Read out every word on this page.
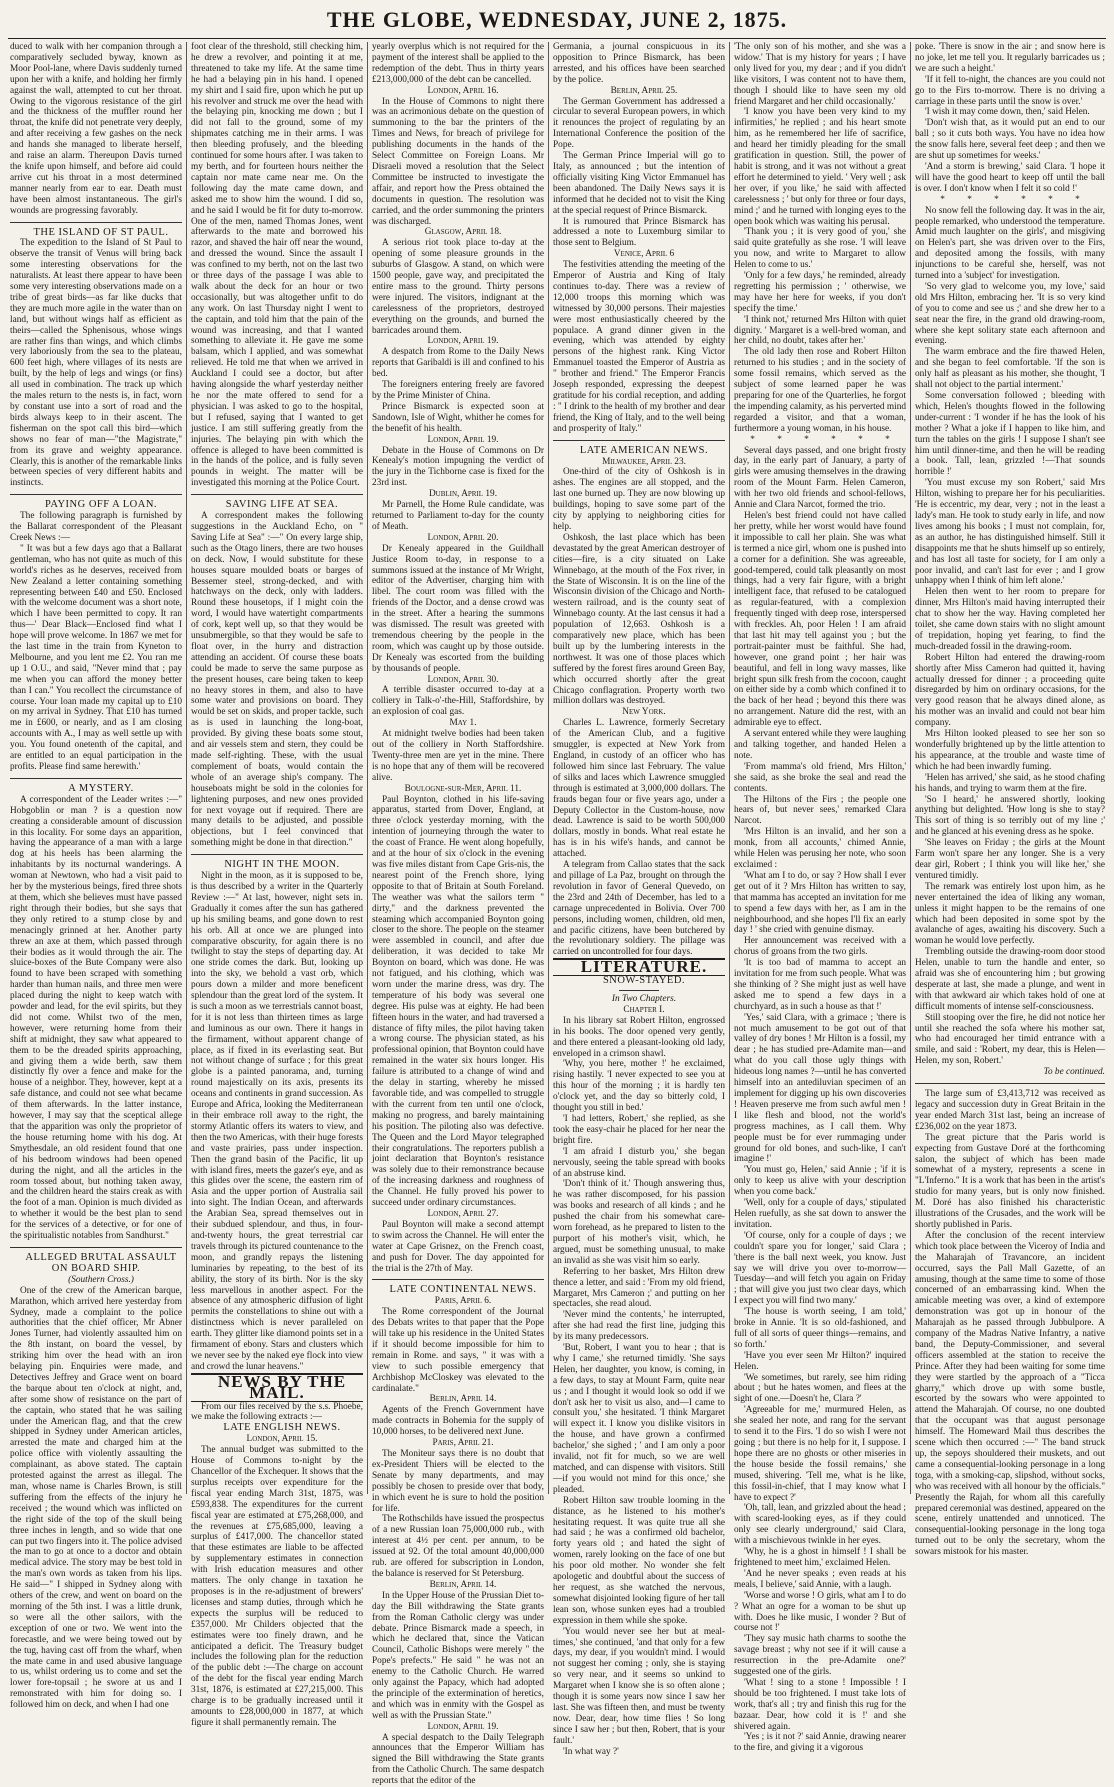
THE GLOBE, WEDNESDAY, JUNE 2, 1875.

duced to walk with her companion through a comparatively secluded byway, known as Moor Pool-lane, where Davis suddenly turned upon her with a knife, and holding her firmly against the wall, attempted to cut her throat. Owing to the vigorous resistance of the girl and the thickness of the muffler round her throat, the knife did not penetrate very deeply, and after receiving a few gashes on the neck and hands she managed to liberate herself, and raise an alarm. Thereupon Davis turned the knife upon himself, and before aid could arrive cut his throat in a most determined manner nearly from ear to ear. Death must have been almost instantaneous. The girl's wounds are progressing favorably.

THE ISLAND OF ST PAUL.

The expedition to the Island of St Paul to observe the transit of Venus will bring back some interesting observations for the naturalists. At least there appear to have been some very interesting observations made on a tribe of great birds—as far like ducks that they are much more agile in the water than on land, but without wings half as efficient as theirs—called the Sphenisous, whose wings are rather fins than wings, and which climbs very laboriously from the sea to the plateau, 600 feet high, where villages of its nests are built, by the help of legs and wings (or fins) all used in combination. The track up which the males return to the nests is, in fact, worn by constant use into a sort of road and the birds always keep to in their ascent. The fisherman on the spot call this bird—which shows no fear of man—"the Magistrate," from its grave and weighty appearance. Clearly, this is another of the remarkable links between species of very different habits and instincts.

PAYING OFF A LOAN.

The following paragraph is furnished by the Ballarat correspondent of the Pleasant Creek News :—

" It was but a few days ago that a Ballarat gentleman, who has not quite as much of this world's riches as he deserves, received from New Zealand a letter containing something representing between £40 and £50. Enclosed with the welcome document was a short note, which I have been permitted to copy. It ran thus—' Dear Black—Enclosed find what I hope will prove welcome. In 1867 we met for the last time in the train from Kyneton to Melbourne, and you lent me £2. You ran me up 1 O.U., and said, "Never mind that ; pay me when you can afford the money better than I can." You recollect the circumstance of course. Your loan made my capital up to £10 on my arrival in Sydney. That £10 has turned me in £600, or nearly, and as I am closing accounts with A., I may as well settle up with you. You found onetenth of the capital, and are entitled to an equal participation in the profits. Please find same herewith.'

A MYSTERY.

A correspondent of the Leader writes :—" Hobgoblin or man ? is a question now creating a considerable amount of discussion in this locality. For some days an apparition, having the appearance of a man with a large dog at his heels has been alarming the inhabitants by its nocturnal wanderings. A woman at Newtown, who had a visit paid to her by the mysterious beings, fired three shots at them, which she believes must have passed right through their bodies, but she says that they only retired to a stump close by and menacingly grinned at her. Another party threw an axe at them, which passed through their bodies as it would through the air. The sluice-boxes of the Bute Company were also found to have been scraped with something harder than human nails, and three men were placed during the night to keep watch with powder and lead, for the evil spirits, but they did not come. Whilst two of the men, however, were returning home from their shift at midnight, they saw what appeared to them to be the dreaded spirits approaching, and giving them a wide berth, saw them distinctly fly over a fence and make for the house of a neighbor. They, however, kept at a safe distance, and could not see what became of them afterwards. In the latter instance, however, I may say that the sceptical allege that the apparition was only the proprietor of the house returning home with his dog. At Smythesdale, an old resident found that one of his bedroom windows had been opened during the night, and all the articles in the room tossed about, but nothing taken away, and the children heard the stairs creak as with the foot of a man. Opinion is much divided as to whether it would be the best plan to send for the services of a detective, or for one of the spiritualistic notables from Sandhurst."

ALLEGED BRUTAL ASSAULT ON BOARD SHIP.

(Southern Cross.)

One of the crew of the American barque, Marathon, which arrived here yesterday from Sydney, made a complaint to the police authorities that the chief officer, Mr Abner Jones Turner, had violently assaulted him on the 8th instant, on board the vessel, by striking him over the head with an iron belaying pin. Enquiries were made, and Detectives Jeffrey and Grace went on board the barque about ten o'clock at night, and, after some show of resistance on the part of the captain, who stated that he was sailing under the American flag, and that the crew shipped in Sydney under American articles, arrested the mate and charged him at the police office with violently assaulting the complainant, as above stated. The captain protested against the arrest as illegal. The man, whose name is Charles Brown, is still suffering from the effects of the injury he received ; the wound which was inflicted on the right side of the top of the skull being three inches in length, and so wide that one can put two fingers into it. The police advised the man to go at once to a doctor and obtain medical advice. The story may be best told in the man's own words as taken from his lips. He said—" I shipped in Sydney along with others of the crew, and went on board on the morning of the 5th inst. I was a little drunk, so were all the other sailors, with the exception of one or two. We went into the forecastle, and we were being towed out by the tug, having cast off from the wharf, when the mate came in and used abusive language to us, whilst ordering us to come and set the lower fore-topsail ; he swore at us and I remonstrated with him for doing so. I followed him on deck, and when I had one

foot clear of the threshold, still checking him, he drew a revolver, and pointing it at me, threatened to take my life. At the same time he had a belaying pin in his hand. I opened my shirt and I said fire, upon which he put up his revolver and struck me over the head with the belaying pin, knocking me down ; but I did not fall to the ground, some of my shipmates catching me in their arms. I was then bleeding profusely, and the bleeding continued for some hours after. I was taken to my berth, and for fourteen hours neither the captain nor mate came near me. On the following day the mate came down, and asked me to show him the wound. I did so, and he said I would be fit for duty to-morrow. One of the men, named Thomas Jones, went afterwards to the mate and borrowed his razor, and shaved the hair off near the wound, and dressed the wound. Since the assault I was confined to my berth, not on the last two or three days of the passage I was able to walk about the deck for an hour or two occasionally, but was altogether unfit to do any work. On last Thursday night I went to the captain, and told him that the pain of the wound was increasing, and that I wanted something to alleviate it. He gave me some balsam, which I applied, and was somewhat relieved. He told me that when we arrived in Auckland I could see a doctor, but after having alongside the wharf yesterday neither he nor the mate offered to send for a physician. I was asked to go to the hospital, but I refused, saying that I wanted to get justice. I am still suffering greatly from the injuries. The belaying pin with which the offence is alleged to have been committed is in the hands of the police, and is fully seven pounds in weight. The matter will be investigated this morning at the Police Court.

SAVING LIFE AT SEA.

A correspondent makes the following suggestions in the Auckland Echo, on " Saving Life at Sea" :—" On every large ship, such as the Otago liners, there are two houses on deck. Now, I would substitute for these houses square moulded boats or barges of Bessemer steel, strong-decked, and with hatchways on the deck, only with ladders. Round these housetops, if I might coin the word, I would have watertight compartments of cork, kept well up, so that they would be unsubmergible, so that they would be safe to float over, in the hurry and distraction attending an accident. Of course these boats could be made to serve the same purpose as the present houses, care being taken to keep no heavy stores in them, and also to have some water and provisions on board. They would be set on skids, and proper tackle, such as is used in launching the long-boat, provided. By giving these boats some stout, and air vessels stem and stern, they could be made self-righting. These, with the usual complement of boats, would contain the whole of an average ship's company. The houseboats might be sold in the colonies for lightening purposes, and new ones provided for next voyage out if required. There are many details to be adjusted, and possible objections, but I feel convinced that something might be done in that direction."

NIGHT IN THE MOON.

Night in the moon, as it is supposed to be, is thus described by a writer in the Quarterly Review :—" At last, however, night sets in. Gradually it comes after the sun has gathered up his smiling beams, and gone down to rest his orb. All at once we are plunged into comparative obscurity, for again there is no twilight to stay the steps of departing day. At one stride comes the dark. But, looking up into the sky, we behold a vast orb, which pours down a milder and more beneficent splendour than the great lord of the system. It is such a moon as we terrestrials cannot boast, for it is not less than thirteen times as large and luminous as our own. There it hangs in the firmament, without apparent change of place, as if fixed in its everlasting seat. But not without change of surface ; for this great globe is a painted panorama, and, turning round majestically on its axis, presents its oceans and continents in grand succession. As Europe and Africa, looking the Mediterranean in their embrace roll away to the right, the stormy Atlantic offers its waters to view, and then the two Americas, with their huge forests and vaste prairies, pass under inspection. Then the grand basin of the Pacific, lit up with island fires, meets the gazer's eye, and as this glides over the scene, the eastern rim of Asia and the upper portion of Australia sail into sight. The Indian Ocean, and afterwards the Arabian Sea, spread themselves out in their subdued splendour, and thus, in four-and-twenty hours, the great terrestrial car travels through its pictured countenance to the moon, and grandly repays the listening luminaries by repeating, to the best of its ability, the story of its birth. Nor is the sky less marvellous in another aspect. For the absence of any atmospheric diffusion of light permits the constellations to shine out with a distinctness which is never paralleled on earth. They glitter like diamond points set in a firmament of ebony. Stars and clusters which we never see by the naked eye flock into view and crowd the lunar heavens."

NEWS BY THE MAIL.

From our files received by the s.s. Phoebe, we make the following extracts :—

LATE ENGLISH NEWS.

London, April 15.

The annual budget was submitted to the House of Commons to-night by the Chancellor of the Exchequer. It shows that the surplus receipts over expenditure for the fiscal year ending March 31st, 1875, was £593,838. The expenditures for the current fiscal year are estimated at £75,268,000, and the revenues at £75,685,000, leaving a surplus of £417,000. The chancellor stated that these estimates are liable to be affected by supplementary estimates in connection with Irish education measures and other matters. The only change in taxation he proposes is in the re-adjustment of brewers' licenses and stamp duties, through which he expects the surplus will be reduced to £357,000. Mr Childers objected that the estimates were too finely drawn, and he anticipated a deficit. The Treasury budget includes the following plan for the reduction of the public debt :—The charge on account of the debt for the fiscal year ending March 31st, 1876, is estimated at £27,215,000. This charge is to be gradually increased until it amounts to £28,000,000 in 1877, at which figure it shall permanently remain. The

yearly overplus which is not required for the payment of the interest shall be applied to the redemption of the debt. Thus in thirty years £213,000,000 of the debt can be cancelled.

London, April 16.

In the House of Commons to night there was an acrimonious debate on the question of summoning to the bar the printers of the Times and News, for breach of privilege for publishing documents in the hands of the Select Committee on Foreign Loans. Mr Disraeli moved a resolution that the Select Committee be instructed to investigate the affair, and report how the Press obtained the documents in question. The resolution was carried, and the order summoning the printers was discharged.

Glasgow, April 18.

A serious riot took place to-day at the opening of some pleasure grounds in the suburbs of Glasgow. A stand, on which were 1500 people, gave way, and precipitated the entire mass to the ground. Thirty persons were injured. The visitors, indignant at the carelessness of the proprietors, destroyed everything on the grounds, and burned the barricades around them.

London, April 19.

A despatch from Rome to the Daily News reports that Garibaldi is ill and confined to his bed.

The foreigners entering freely are favored by the Prime Minister of China.

Prince Bismarck is expected soon at Sandown, Isle of Wight, whither he comes for the benefit of his health.

London, April 19.

Debate in the House of Commons on Dr Kenealy's motion impugning the verdict of the jury in the Tichborne case is fixed for the 23rd inst.

Dublin, April 19.

Mr Parnell, the Home Rule candidate, was returned to Parliament to-day for the county of Meath.

London, April 20.

Dr Kenealy appeared in the Guildhall Justice Room to-day, in response to a summons issued at the instance of Mr Wright, editor of the Advertiser, charging him with libel. The court room was filled with the friends of the Doctor, and a dense crowd was in the street. After a hearing the summons was dismissed. The result was greeted with tremendous cheering by the people in the room, which was caught up by those outside. Dr Kenealy was escorted from the building by thousands of people.

London, April 30.

A terrible disaster occurred to-day at a colliery in Talk-o'-the-Hill, Staffordshire, by an explosion of coal gas.

May 1.

At midnight twelve bodies had been taken out of the colliery in North Staffordshire. Twenty-three men are yet in the mine. There is no hope that any of them will be recovered alive.

Boulogne-sur-Mer, April 11.

Paul Boynton, clothed in his life-saving apparatus, started from Dover, England, at three o'clock yesterday morning, with the intention of journeying through the water to the coast of France. He went along hopefully, and at the hour of six o'clock in the evening was five miles distant from Cape Gris-nis, the nearest point of the French shore, lying opposite to that of Britain at South Foreland. The weather was what the sailors term " dirty," and the darkness prevented the steaming which accompanied Boynton going closer to the shore. The people on the steamer were assembled in council, and after due deliberation, it was decided to take Mr Boynton on board, which was done. He was not fatigued, and his clothing, which was worn under the marine dress, was dry. The temperature of his body was several one degree. His pulse was at eighty. He had been fifteen hours in the water, and had traversed a distance of fifty miles, the pilot having taken a wrong course. The physician stated, as his professional opinion, that Boynton could have remained in the water six hours longer. His failure is attributed to a change of wind and the delay in starting, whereby he missed favorable tide, and was compelled to struggle with the current from ten until one o'clock, making no progress, and barely maintaining his position. The piloting also was defective. The Queen and the Lord Mayor telegraphed their congratulations. The reporters publish a joint declaration that Boynton's resistance was solely due to their remonstrance because of the increasing darkness and roughness of the Channel. He fully proved his power to succeed under ordinary circumstances.

London, April 27.

Paul Boynton will make a second attempt to swim across the Channel. He will enter the water at Cape Grisnez, on the French coast, and push for Dover. The day appointed for the trial is the 27th of May.

LATE CONTINENTAL NEWS.

Paris, April 6.

The Rome correspondent of the Journal des Debats writes to that paper that the Pope will take up his residence in the United States if it should become impossible for him to remain in Rome. and says, " it was with a view to such possible emergency that Archbishop McCloskey was elevated to the cardinalate."

Berlin, April 14.

Agents of the French Government have made contracts in Bohemia for the supply of 10,000 horses, to be delivered next June.

Paris, April 21.

The Moniteur says there is no doubt that ex-President Thiers will be elected to the Senate by many departments, and may possibly be chosen to preside over that body, in which event he is sure to hold the position for life.

The Rothschilds have issued the prospectus of a new Russian loan 75,000,000 rub., with interest at 4½ per cent. per annum, to be issued at 92. Of the total amount 40,000,000 rub. are offered for subscription in London, the balance is reserved for St Petersburg.

Berlin, April 14.

In the Upper House of the Prussian Diet to-day the Bill withdrawing the State grants from the Roman Catholic clergy was under debate. Prince Bismarck made a speech, in which he declared that, since the Vatican Council, Catholic Bishops were merely " the Pope's prefects." He said " he was not an enemy to the Catholic Church. He warred only against the Papacy, which had adopted the principle of the extermination of heretics, and which was in enmity with the Gospel as well as with the Prussian State."

London, April 19.

A special despatch to the Daily Telegraph announces that the Emperor William has signed the Bill withdrawing the State grants from the Catholic Church. The same despatch reports that the editor of the

Germania, a journal conspicuous in its opposition to Prince Bismarck, has been arrested, and his offices have been searched by the police.

Berlin, April 25.

The German Government has addressed a circular to several European powers, in which it renounces the project of regulating by an International Conference the position of the Pope.

The German Prince Imperial will go to Italy, as announced ; but the intention of officially visiting King Victor Emmanuel has been abandoned. The Daily News says it is informed that he decided not to visit the King at the special request of Prince Bismarck.

It is rumoured that Prince Bismarck has addressed a note to Luxemburg similar to those sent to Belgium.

Venice, April 6

The festivities attending the meeting of the Emperor of Austria and King of Italy continues to-day. There was a review of 12,000 troops this morning which was witnessed by 30,000 persons. Their majesties were most enthusiastically cheered by the populace. A grand dinner given in the evening, which was attended by eighty persons of the highest rank. King Victor Emmanuel toasted the Emperor of Austria as " brother and friend." The Emperor Francis Joseph responded, expressing the deepest gratitude for his cordial reception, and adding : " I drink to the health of my brother and dear friend, the King of Italy, and to the well being and prosperity of Italy."

LATE AMERICAN NEWS.

Milwaukee, April 23.

One-third of the city of Oshkosh is in ashes. The engines are all stopped, and the last one burned up. They are now blowing up buildings, hoping to save some part of the city by applying to neighboring cities for help.

Oshkosh, the last place which has been devastated by the great American destroyer of cities—fire, is a city situated on Lake Winnebago, at the mouth of the Fox river, in the State of Wisconsin. It is on the line of the Wisconsin division of the Chicago and North-western railroad, and is the county seat of Winnebago county. At the last census it had a population of 12,663. Oshkosh is a comparatively new place, which has been built up by the lumbering interests in the northwest. It was one of those places which suffered by the forest fires around Green Bay, which occurred shortly after the great Chicago conflagration. Property worth two million dollars was destroyed.

New York.

Charles L. Lawrence, formerly Secretary of the American Club, and a fugitive smuggler, is expected at New York from England, in custody of an officer who has followed him since last February. The value of silks and laces which Lawrence smuggled through is estimated at 3,000,000 dollars. The frauds began four or five years ago, under a Deputy Collector in the Custom-house, now dead. Lawrence is said to be worth 500,000 dollars, mostly in bonds. What real estate he has is in his wife's hands, and cannot be attached.

A telegram from Callao states that the sack and pillage of La Paz, brought on through the revolution in favor of General Quevedo, on the 23rd and 24th of December, has led to a carnage unprecedented in Bolivia. Over 700 persons, including women, children, old men, and pacific citizens, have been butchered by the revolutionary soldiery. The pillage was carried on uncontrolled for four days.

LITERATURE.

SNOW-STAYED.

In Two Chapters.

Chapter I.

In his library sat Robert Hilton, engrossed in his books. The door opened very gently, and there entered a pleasant-looking old lady, enveloped in a crimson shawl.

'Why, you here, mother !' he exclaimed, rising hastily. 'I never expected to see you at this hour of the morning ; it is hardly ten o'clock yet, and the day so bitterly cold, I thought you still in bed.'

'I had letters, Robert,' she replied, as she took the easy-chair he placed for her near the bright fire.

'I am afraid I disturb you,' she began nervously, seeing the table spread with books of an abstruse kind.

'Don't think of it.' Though answering thus, he was rather discomposed, for his passion was books and research of all kinds ; and he pushed the chair from his somewhat care-worn forehead, as he prepared to listen to the purport of his mother's visit, which, he argued, must be something unusual, to make an invalid as she was visit him so early.

Referring to her basket, Mrs Hilton drew thence a letter, and said : 'From my old friend, Margaret, Mrs Cameron ;' and putting on her spectacles, she read aloud.

'Never mind the contents,' he interrupted, after she had read the first line, judging this by its many predecessors.

'But, Robert, I want you to hear ; that is why I came,' she returned timidly. 'She says Helen, her daughter, you know, is coming, in a few days, to stay at Mount Farm, quite near us ; and I thought it would look so odd if we don't ask her to visit us also, and—I came to consult you,' she hesitated. 'I think Margaret will expect it. I know you dislike visitors in the house, and have grown a confirmed bachelor,' she sighed ; ' and I am only a poor invalid, not fit for much, so we are well matched, and can dispense with visitors. Still—if you would not mind for this once,' she pleaded.

Robert Hilton saw trouble looming in the distance, as he listened to his mother's hesitating request. It was quite true all she had said ; he was a confirmed old bachelor, forty years old ; and hated the sight of women, rarely looking on the face of one but his poor old mother. No wonder she felt apologetic and doubtful about the success of her request, as she watched the nervous, somewhat disjointed looking figure of her tall lean son, whose sunken eyes had a troubled expression in them while she spoke.

'You would never see her but at meal-times,' she continued, 'and that only for a few days, my dear, if you wouldn't mind. I would not suggest her coming ; only, she is staying so very near, and it seems so unkind to Margaret when I know she is so often alone ; though it is some years now since I saw her last. She was fifteen then, and must be twenty now. Dear, dear, how time flies ! So long since I saw her ; but then, Robert, that is your fault.'

'In what way ?'

'The only son of his mother, and she was a widow.' That is my history for years ; I have only lived for you, my dear ; and if you didn't like visitors, I was content not to have them, though I should like to have seen my old friend Margaret and her child occasionally.'

'I know you have been very kind to my infirmities,' he replied ; and his heart smote him, as he remembered her life of sacrifice, and heard her timidly pleading for the small gratification in question. Still, the power of habit is strong, and it was not without a great effort he determined to yield. ' Very well ; ask her over, if you like,' he said with affected carelessness ; ' but only for three or four days, mind ;' and he turned with longing eyes to the open book which was waiting his perusal.

'Thank you ; it is very good of you,' she said quite gratefully as she rose. 'I will leave you now, and write to Margaret to allow Helen to come to us.'

'Only for a few days,' he reminded, already regretting his permission ; ' otherwise, we may have her here for weeks, if you don't specify the time.'

'I think not,' returned Mrs Hilton with quiet dignity. ' Margaret is a well-bred woman, and her child, no doubt, takes after her.'

The old lady then rose and Robert Hilton returned to his studies ; and in the society of some fossil remains, which served as the subject of some learned paper he was preparing for one of the Quarterlies, he forgot the impending calamity, as his perverted mind regarded a visitor, and that a woman, furthermore a young woman, in his house.

* * * * * *

Several days passed, and one bright frosty day, in the early part of January, a party of girls were amusing themselves in the drawing room of the Mount Farm. Helen Cameron, with her two old friends and school-fellows, Annie and Clara Narcot, formed the trio.

Helen's best friend could not have called her pretty, while her worst would have found it impossible to call her plain. She was what is termed a nice girl, whom one is pushed into a corner for a definition. She was agreeable, good-tempered, could talk pleasantly on most things, had a very fair figure, with a bright intelligent face, that refused to be catalogued as regular-featured, with a complexion frequently tinged with deep rose, interspersed with freckles. Ah, poor Helen ! I am afraid that last hit may tell against you ; but the portrait-painter must be faithful. She had, however, one grand point ; her hair was beautiful, and fell in long wavy masses, like bright spun silk fresh from the cocoon, caught on either side by a comb which confined it to the back of her head ; beyond this there was no arrangement. Nature did the rest, with an admirable eye to effect.

A servant entered while they were laughing and talking together, and handed Helen a note.

'From mamma's old friend, Mrs Hilton,' she said, as she broke the seal and read the contents.

The Hiltons of the Firs ; the people one hears of, but never sees,' remarked Clara Narcot.

'Mrs Hilton is an invalid, and her son a monk, from all accounts,' chimed Annie, while Helen was perusing her note, who soon exclaimed :

'What am I to do, or say ? How shall I ever get out of it ? Mrs Hilton has written to say, that mamma has accepted an invitation for me to spend a few days with her, as I am in the neighbourhood, and she hopes I'll fix an early day ! ' she cried with genuine dismay.

Her announcement was received with a chorus of groans from the two girls.

'It is too bad of mamma to accept an invitation for me from such people. What was she thinking of ? She might just as well have asked me to spend a few days in a churchyard, as in such a house as that !'

'Yes,' said Clara, with a grimace ; 'there is not much amusement to be got out of that valley of dry bones ! Mr Hilton is a fossil, my dear ; he has studied pre-Adamite man—and what do you call those ugly things with hideous long names ?—until he has converted himself into an antediluvian specimen of an implement for digging up his own discoveries ! Heaven preserve me from such awful men ! I like flesh and blood, not the world's progress machines, as I call them. Why people must be for ever rummaging under ground for old bones, and such-like, I can't imagine !'

'You must go, Helen,' said Annie ; 'if it is only to keep us alive with your description when you come back.'

'Well, only for a couple of days,' stipulated Helen ruefully, as she sat down to answer the invitation.

'Of course, only for a couple of days ; we couldn't spare you for longer,' said Clara ; 'there is the ball next week, you know. Just say we will drive you over to-morrow—Tuesday—and will fetch you again on Friday ; that will give you just two clear days, which I expect you will find two many.'

'The house is worth seeing, I am told,' broke in Annie. 'It is so old-fashioned, and full of all sorts of queer things—remains, and so forth.'

'Have you ever seen Mr Hilton?' inquired Helen.

'We sometimes, but rarely, see him riding about ; but he hates women, and flees at the sight of one.—Doesn't he, Clara ?'

'Agreeable for me,' murmured Helen, as she sealed her note, and rang for the servant to send it to the Firs. 'I do so wish I were not going ; but there is no help for it, I suppose. I hope there are no ghosts or other miseries in the house beside the fossil remains,' she mused, shivering. 'Tell me, what is he like, this fossil-in-chief, that I may know what I have to expect ?'

'Oh, tall, lean, and grizzled about the head ; with scared-looking eyes, as if they could only see clearly underground,' said Clara, with a mischievous twinkle in her eyes.

'Why, he is a ghost in himself ! I shall be frightened to meet him,' exclaimed Helen.

'And he never speaks ; even reads at his meals, I believe,' said Annie, with a laugh.

'Worse and worse ! O girls, what am I to do ? What an ogre for a woman to be shut up with. Does he like music, I wonder ? But of course not !'

'They say music hath charms to soothe the savage breast ; why not see if it will cause a resurrection in the pre-Adamite one?' suggested one of the girls.

'What ! sing to a stone ! Impossible ! I should be too frightened. I must take lots of work, that's all ; try and finish this rug for the bazaar. Dear, how cold it is !' and she shivered again.

'Yes ; is it not ?' said Annie, drawing nearer to the fire, and giving it a vigorous

poke. 'There is snow in the air ; and snow here is no joke, let me tell you. It regularly barricades us ; we are such a height.'

'If it fell to-night, the chances are you could not go to the Firs to-morrow. There is no driving a carriage in these parts until the snow is over.'

'I wish it may come down, then,' said Helen.

'Don't wish that, as it would put an end to our ball ; so it cuts both ways. You have no idea how the snow falls here, several feet deep ; and then we are shut up sometimes for weeks.'

'And a storm is brewing,' said Clara. 'I hope it will have the good heart to keep off until the ball is over. I don't know when I felt it so cold !'

* * * * * *

No snow fell the following day. It was in the air, people remarked, who understood the temperature. Amid much laughter on the girls', and misgiving on Helen's part, she was driven over to the Firs, and deposited among the fossils, with many injunctions to be careful she, herself, was not turned into a 'subject' for investigation.

'So very glad to welcome you, my love,' said old Mrs Hilton, embracing her. 'It is so very kind of you to come and see us ;' and she drew her to a seat near the fire, in the grand old drawing-room, where she kept solitary state each afternoon and evening.

The warm embrace and the fire thawed Helen, and she began to feel comfortable. 'If the son is only half as pleasant as his mother, she thought, 'I shall not object to the partial interment.'

Some conversation followed ; bleeding with which, Helen's thoughts flowed in the following under-current : 'I wonder if he has the look of his mother ? What a joke if I happen to like him, and turn the tables on the girls ! I suppose I shan't see him until dinner-time, and then he will be reading a book. Tall, lean, grizzled !—That sounds horrible !'

'You must excuse my son Robert,' said Mrs Hilton, wishing to prepare her for his peculiarities. 'He is eccentric, my dear, very ; not in the least a lady's man. He took to study early in life, and now lives among his books ; I must not complain, for, as an author, he has distinguished himself. Still it disappoints me that he shuts himself up so entirely, and has lost all taste for society, for I am only a poor invalid, and can't last for ever ; and I grow unhappy when I think of him left alone.'

Helen then went to her room to prepare for dinner, Mrs Hilton's maid having interrupted their chat to show her the way. Having completed her toilet, she came down stairs with no slight amount of trepidation, hoping yet fearing, to find the much-dreaded fossil in the drawing-room.

Robert Hilton had entered the drawing-room shortly after Miss Cameron had quitted it, having actually dressed for dinner ; a proceeding quite disregarded by him on ordinary occasions, for the very good reason that he always dined alone, as his mother was an invalid and could not bear him company.

Mrs Hilton looked pleased to see her son so wonderfully brightened up by the little attention to his appearance, at the trouble and waste time of which he had been inwardly fuming.

'Helen has arrived,' she said, as he stood chafing his hands, and trying to warm them at the fire.

'So I heard,' he answered shortly, looking anything but delighted. 'How long is she to stay? This sort of thing is so terribly out of my line ;' and he glanced at his evening dress as he spoke.

'She leaves on Friday ; the girls at the Mount Farm won't spare her any longer. She is a very dear girl, Robert ; I think you will like her,' she ventured timidly.

The remark was entirely lost upon him, as he never entertained the idea of liking any woman, unless it might happen to be the remains of one which had been deposited in some spot by the avalanche of ages, awaiting his discovery. Such a woman he would love perfectly.

Trembling outside the drawing-room door stood Helen, unable to turn the handle and enter, so afraid was she of encountering him ; but growing desperate at last, she made a plunge, and went in with that awkward air which takes hold of one at difficult moments of intense self-consciousness.

Still stooping over the fire, he did not notice her until she reached the sofa where his mother sat, who had encouraged her timid entrance with a smile, and said : 'Robert, my dear, this is Helen—Helen, my son, Robert.'

To be continued.

The large sum of £3,413,712 was received as legacy and succession duty in Great Britain in the year ended March 31st last, being an increase of £236,002 on the year 1873.

The great picture that the Paris world is expecting from Gustave Doré at the forthcoming salon, the subject of which has been made somewhat of a mystery, represents a scene in "L'Inferno." It is a work that has been in the artist's studio for many years, but is only now finished. M. Doré has also finished his characteristic illustrations of the Crusades, and the work will be shortly published in Paris.

After the conclusion of the recent interview which took place between the Viceroy of India and the Maharajah of Travancore, an incident occurred, says the Pall Mall Gazette, of an amusing, though at the same time to some of those concerned of an embarrassing kind. When the amicable meeting was over, a kind of extempore demonstration was got up in honour of the Maharajah as he passed through Jubbulpore. A company of the Madras Native Infantry, a native band, the Deputy-Commissioner, and several officers assembled at the station to receive the Prince. After they had been waiting for some time they were startled by the approach of a "Ticca gharry," which drove up with some bustle, escorted by the sowars who were appointed to attend the Maharajah. Of course, no one doubted that the occupant was that august personage himself. The Homeward Mail thus describes the scene which then occurred :—" The band struck up, the sepoys shouldered their muskets, and out came a consequential-looking personage in a long toga, with a smoking-cap, slipshod, without socks, who was received with all honour by the officials." Presently the Rajah, for whom all this carefully prepared ceremonial was destined, appeared on the scene, entirely unattended and unnoticed. The consequential-looking personage in the long toga turned out to be only the secretary, whom the sowars mistook for his master.
